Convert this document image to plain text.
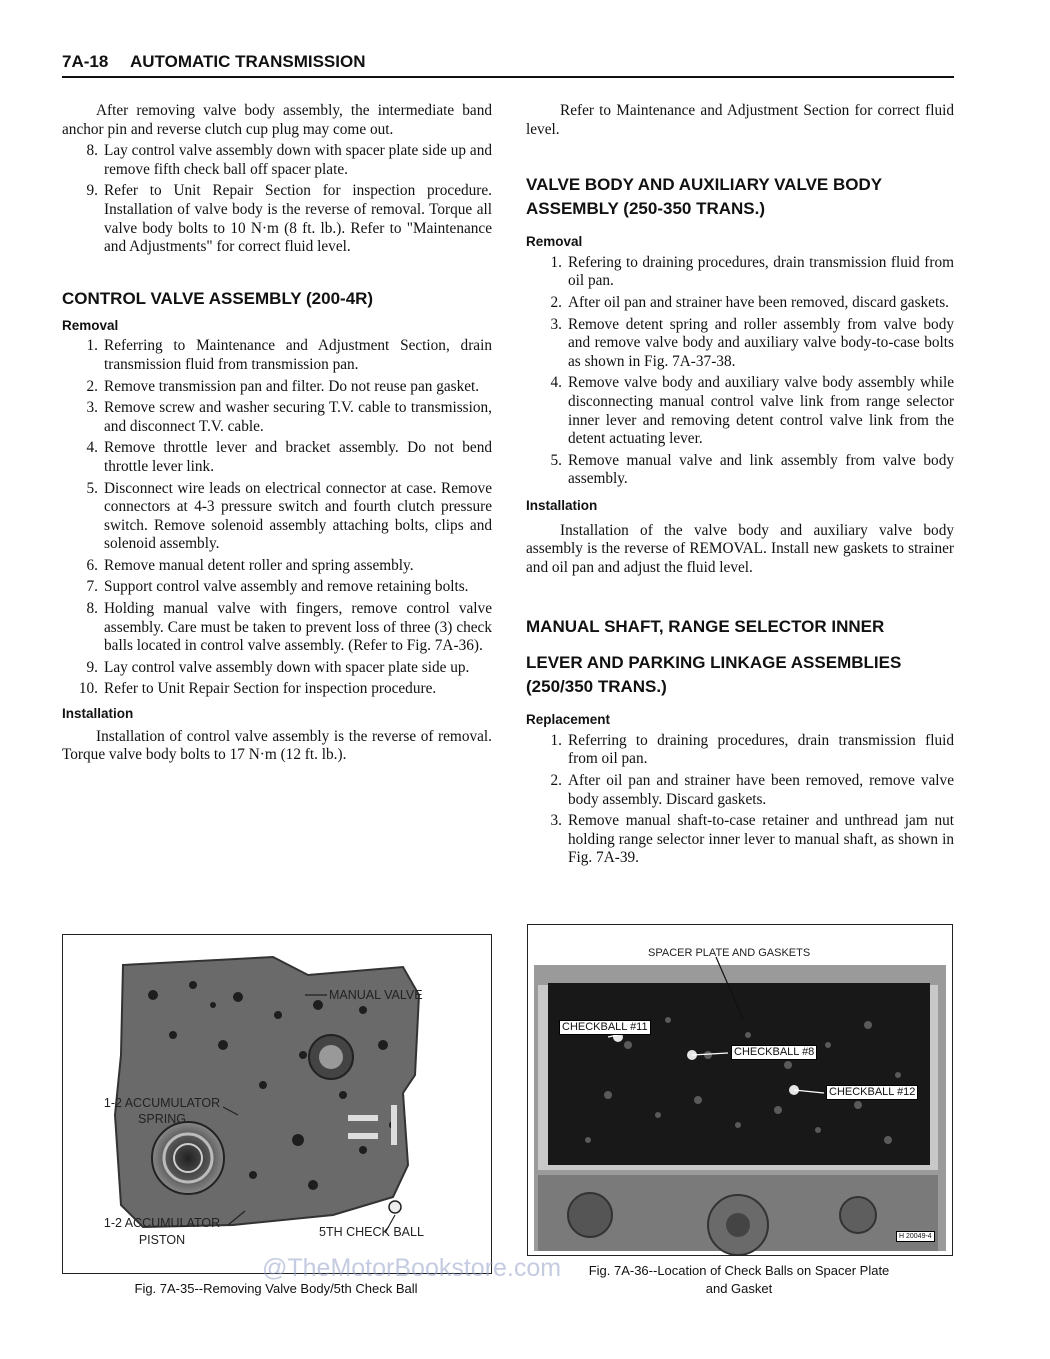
7A-18 AUTOMATIC TRANSMISSION

After removing valve body assembly, the intermediate band anchor pin and reverse clutch cup plug may come out.

8. Lay control valve assembly down with spacer plate side up and remove fifth check ball off spacer plate.
9. Refer to Unit Repair Section for inspection procedure. Installation of valve body is the reverse of removal. Torque all valve body bolts to 10 N·m (8 ft. lb.). Refer to "Maintenance and Adjustments" for correct fluid level.

CONTROL VALVE ASSEMBLY (200-4R)

Removal

1. Referring to Maintenance and Adjustment Section, drain transmission fluid from transmission pan.
2. Remove transmission pan and filter. Do not reuse pan gasket.
3. Remove screw and washer securing T.V. cable to transmission, and disconnect T.V. cable.
4. Remove throttle lever and bracket assembly. Do not bend throttle lever link.
5. Disconnect wire leads on electrical connector at case. Remove connectors at 4-3 pressure switch and fourth clutch pressure switch. Remove solenoid assembly attaching bolts, clips and solenoid assembly.
6. Remove manual detent roller and spring assembly.
7. Support control valve assembly and remove retaining bolts.
8. Holding manual valve with fingers, remove control valve assembly. Care must be taken to prevent loss of three (3) check balls located in control valve assembly. (Refer to Fig. 7A-36).
9. Lay control valve assembly down with spacer plate side up.
10. Refer to Unit Repair Section for inspection procedure.

Installation

Installation of control valve assembly is the reverse of removal. Torque valve body bolts to 17 N·m (12 ft. lb.).

Refer to Maintenance and Adjustment Section for correct fluid level.

VALVE BODY AND AUXILIARY VALVE BODY ASSEMBLY (250-350 TRANS.)

Removal

1. Refering to draining procedures, drain transmission fluid from oil pan.
2. After oil pan and strainer have been removed, discard gaskets.
3. Remove detent spring and roller assembly from valve body and remove valve body and auxiliary valve body-to-case bolts as shown in Fig. 7A-37-38.
4. Remove valve body and auxiliary valve body assembly while disconnecting manual control valve link from range selector inner lever and removing detent control valve link from the detent actuating lever.
5. Remove manual valve and link assembly from valve body assembly.

Installation

Installation of the valve body and auxiliary valve body assembly is the reverse of REMOVAL. Install new gaskets to strainer and oil pan and adjust the fluid level.

MANUAL SHAFT, RANGE SELECTOR INNER

LEVER AND PARKING LINKAGE ASSEMBLIES (250/350 TRANS.)

Replacement

1. Referring to draining procedures, drain transmission fluid from oil pan.
2. After oil pan and strainer have been removed, remove valve body assembly. Discard gaskets.
3. Remove manual shaft-to-case retainer and unthread jam nut holding range selector inner lever to manual shaft, as shown in Fig. 7A-39.
MANUAL VALVE
1-2 ACCUMULATOR
SPRING
1-2 ACCUMULATOR
PISTON
5TH CHECK BALL
Fig. 7A-35--Removing Valve Body/5th Check Ball
SPACER PLATE AND GASKETS
CHECKBALL #11
CHECKBALL #8
CHECKBALL #12
H 20049-4
Fig. 7A-36--Location of Check Balls on Spacer Plate
and Gasket
@TheMotorBookstore.com
